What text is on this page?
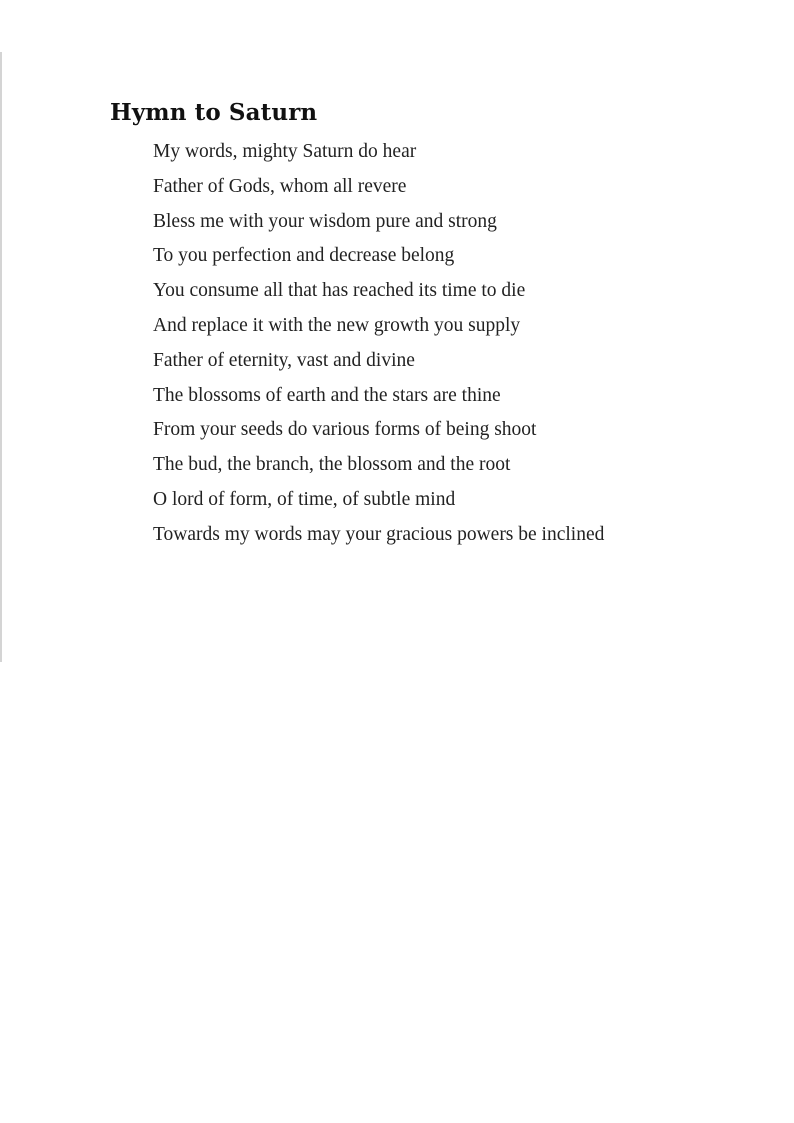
Hymn to Saturn
My words, mighty Saturn do hear
Father of Gods, whom all revere
Bless me with your wisdom pure and strong
To you perfection and decrease belong
You consume all that has reached its time to die
And replace it with the new growth you supply
Father of eternity, vast and divine
The blossoms of earth and the stars are thine
From your seeds do various forms of being shoot
The bud, the branch, the blossom and the root
O lord of form, of time, of subtle mind
Towards my words may your gracious powers be inclined
